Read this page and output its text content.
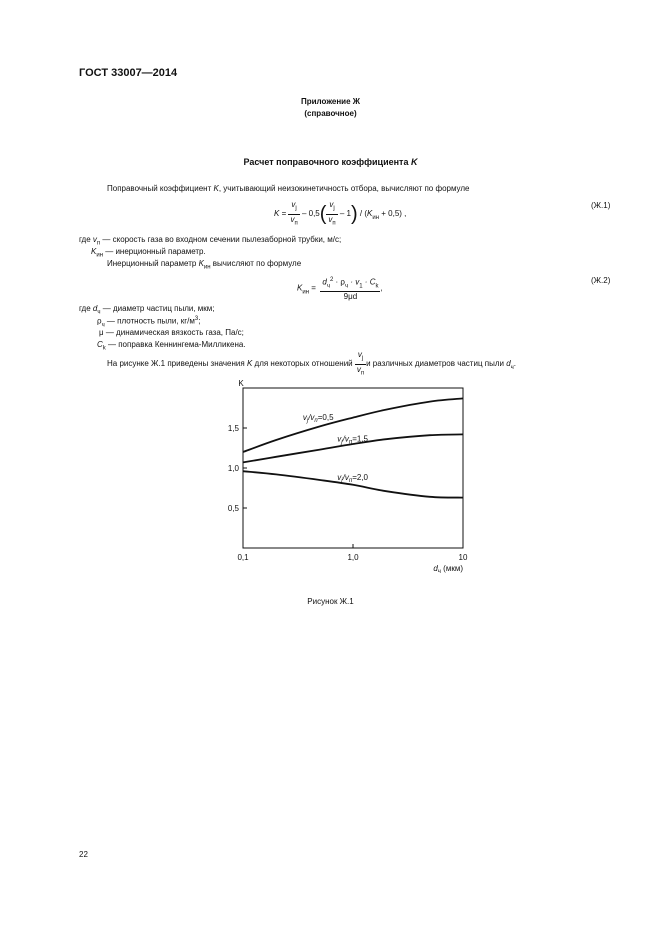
ГОСТ 33007—2014
Приложение Ж
(справочное)
Расчет поправочного коэффициента K
Поправочный коэффициент K, учитывающий неизокинетичность отбора, вычисляют по формуле
$K = \frac{v_j}{v_п} - 0,5( \frac{v_j}{v_п} - 1) / (K_{ин} + 0,5)$ ,
(Ж.1)
где $v_п$ — скорость газа во входном сечении пылезаборной трубки, м/с;
$K_{ин}$ — инерционный параметр.
Инерционный параметр $K_{ин}$ вычисляют по формуле
$K_{ин} = \frac{d_ч^2 \cdot \rho_ч \cdot v_1 \cdot C_k}{9\mu d}$ ,
(Ж.2)
где $d_ч$ — диаметр частиц пыли, мкм;
$\rho_ч$ — плотность пыли, $кг/м^3$;
μ — динамическая вязкость газа, Па/с;
$C_k$ — поправка Кеннингема-Милликена.
На рисунке Ж.1 приведены значения K для некоторых отношений $\frac{v_j}{v_п}$ и различных диаметров частиц пыли $d_ч$.
0,1	1,0	10
0,5
1,0
1,5
K
$d_ч$ (мкм)
$v_j/v_п=0,5$
$v_j/v_п=1,5$
$v_j/v_п=2,0$
Рисунок Ж.1
22
